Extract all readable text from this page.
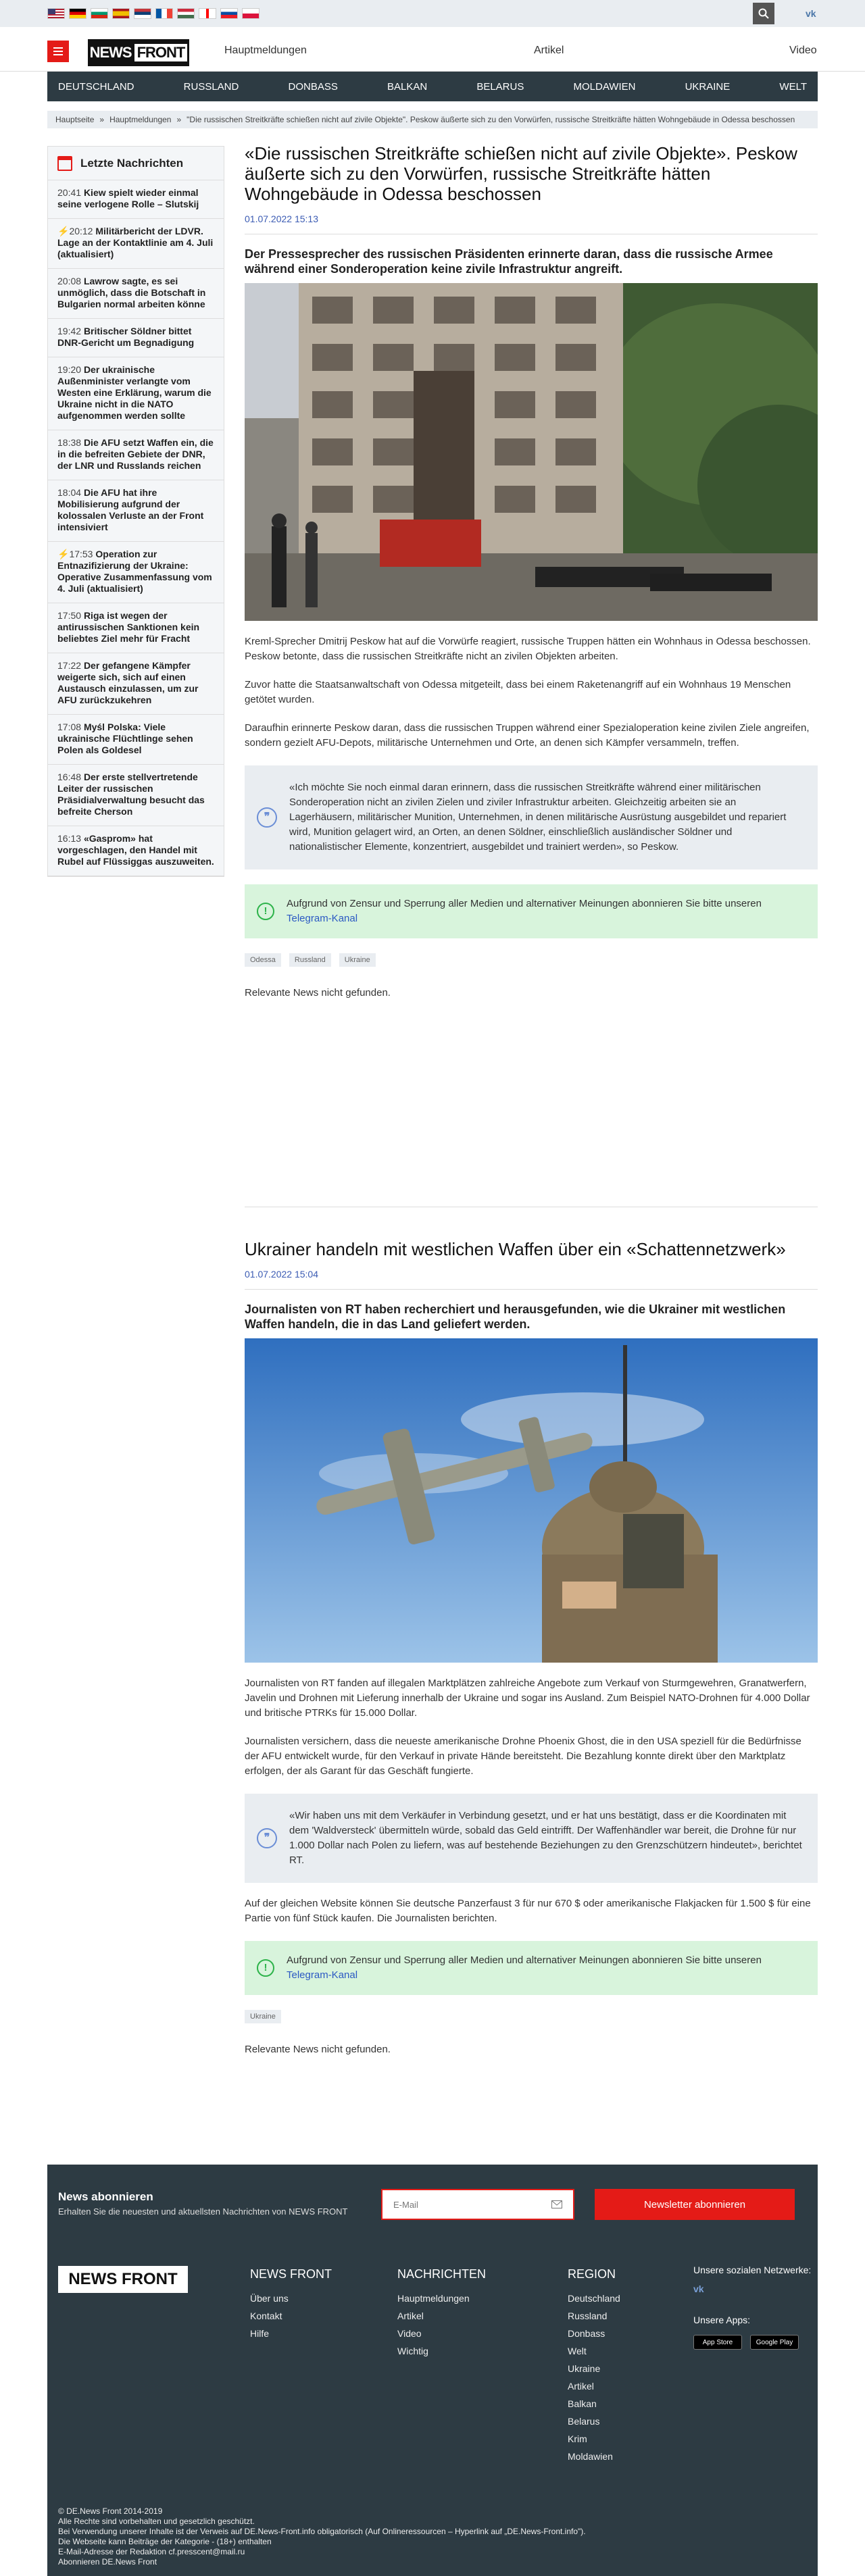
vk
NEWS FRONT	Hauptmeldungen	Artikel	Video
DEUTSCHLAND	RUSSLAND	DONBASS	BALKAN	BELARUS	MOLDAWIEN	UKRAINE	WELT
Hauptseite » Hauptmeldungen » "Die russischen Streitkräfte schießen nicht auf zivile Objekte". Peskow äußerte sich zu den Vorwürfen, russische Streitkräfte hätten Wohngebäude in Odessa beschossen
Letzte Nachrichten
20:41 Kiew spielt wieder einmal seine verlogene Rolle – Slutskij
⚡20:12 Militärbericht der LDVR. Lage an der Kontaktlinie am 4. Juli (aktualisiert)
20:08 Lawrow sagte, es sei unmöglich, dass die Botschaft in Bulgarien normal arbeiten könne
19:42 Britischer Söldner bittet DNR-Gericht um Begnadigung
19:20 Der ukrainische Außenminister verlangte vom Westen eine Erklärung, warum die Ukraine nicht in die NATO aufgenommen werden sollte
18:38 Die AFU setzt Waffen ein, die in die befreiten Gebiete der DNR, der LNR und Russlands reichen
18:04 Die AFU hat ihre Mobilisierung aufgrund der kolossalen Verluste an der Front intensiviert
⚡17:53 Operation zur Entnazifizierung der Ukraine: Operative Zusammenfassung vom 4. Juli (aktualisiert)
17:50 Riga ist wegen der antirussischen Sanktionen kein beliebtes Ziel mehr für Fracht
17:22 Der gefangene Kämpfer weigerte sich, sich auf einen Austausch einzulassen, um zur AFU zurückzukehren
17:08 Myśl Polska: Viele ukrainische Flüchtlinge sehen Polen als Goldesel
16:48 Der erste stellvertretende Leiter der russischen Präsidialverwaltung besucht das befreite Cherson
16:13 «Gasprom» hat vorgeschlagen, den Handel mit Rubel auf Flüssiggas auszuweiten.
«Die russischen Streitkräfte schießen nicht auf zivile Objekte». Peskow äußerte sich zu den Vorwürfen, russische Streitkräfte hätten Wohngebäude in Odessa beschossen
01.07.2022 15:13
Der Pressesprecher des russischen Präsidenten erinnerte daran, dass die russische Armee während einer Sonderoperation keine zivile Infrastruktur angreift.

Kreml-Sprecher Dmitrij Peskow hat auf die Vorwürfe reagiert, russische Truppen hätten ein Wohnhaus in Odessa beschossen. Peskow betonte, dass die russischen Streitkräfte nicht an zivilen Objekten arbeiten.

Zuvor hatte die Staatsanwaltschaft von Odessa mitgeteilt, dass bei einem Raketenangriff auf ein Wohnhaus 19 Menschen getötet wurden.

Daraufhin erinnerte Peskow daran, dass die russischen Truppen während einer Spezialoperation keine zivilen Ziele angreifen, sondern gezielt AFU-Depots, militärische Unternehmen und Orte, an denen sich Kämpfer versammeln, treffen.

❞
«Ich möchte Sie noch einmal daran erinnern, dass die russischen Streitkräfte während einer militärischen Sonderoperation nicht an zivilen Zielen und ziviler Infrastruktur arbeiten. Gleichzeitig arbeiten sie an Lagerhäusern, militärischer Munition, Unternehmen, in denen militärische Ausrüstung ausgebildet und repariert wird, Munition gelagert wird, an Orten, an denen Söldner, einschließlich ausländischer Söldner und nationalistischer Elemente, konzentriert, ausgebildet und trainiert werden», so Peskow.
!
Aufgrund von Zensur und Sperrung aller Medien und alternativer Meinungen abonnieren Sie bitte unseren
Telegram-Kanal
Odessa	Russland	Ukraine
Relevante News nicht gefunden.
Ukrainer handeln mit westlichen Waffen über ein «Schattennetzwerk»
01.07.2022 15:04
Journalisten von RT haben recherchiert und herausgefunden, wie die Ukrainer mit westlichen Waffen handeln, die in das Land geliefert werden.

Journalisten von RT fanden auf illegalen Marktplätzen zahlreiche Angebote zum Verkauf von Sturmgewehren, Granatwerfern, Javelin und Drohnen mit Lieferung innerhalb der Ukraine und sogar ins Ausland. Zum Beispiel NATO-Drohnen für 4.000 Dollar und britische PTRKs für 15.000 Dollar.

Journalisten versichern, dass die neueste amerikanische Drohne Phoenix Ghost, die in den USA speziell für die Bedürfnisse der AFU entwickelt wurde, für den Verkauf in private Hände bereitsteht. Die Bezahlung konnte direkt über den Marktplatz erfolgen, der als Garant für das Geschäft fungierte.

❞
«Wir haben uns mit dem Verkäufer in Verbindung gesetzt, und er hat uns bestätigt, dass er die Koordinaten mit dem 'Waldversteck' übermitteln würde, sobald das Geld eintrifft. Der Waffenhändler war bereit, die Drohne für nur 1.000 Dollar nach Polen zu liefern, was auf bestehende Beziehungen zu den Grenzschützern hindeutet», berichtet RT.

Auf der gleichen Website können Sie deutsche Panzerfaust 3 für nur 670 $ oder amerikanische Flakjacken für 1.500 $ für eine Partie von fünf Stück kaufen. Die Journalisten berichten.

!
Aufgrund von Zensur und Sperrung aller Medien und alternativer Meinungen abonnieren Sie bitte unseren
Telegram-Kanal
Ukraine
Relevante News nicht gefunden.
News abonnieren
Erhalten Sie die neuesten und aktuellsten Nachrichten von NEWS FRONT
E-Mail	Newsletter abonnieren
NEWS FRONT	NEWS FRONT
Über uns
Kontakt
Hilfe
NACHRICHTEN
Hauptmeldungen
Artikel
Video
Wichtig
REGION
Deutschland
Russland
Donbass
Welt
Ukraine
Artikel
Balkan
Belarus
Krim
Moldawien
Unsere sozialen Netzwerke:
vk
Unsere Apps:
App Store	Google Play
© DE.News Front 2014-2019
Alle Rechte sind vorbehalten und gesetzlich geschützt.
Bei Verwendung unserer Inhalte ist der Verweis auf DE.News-Front.info obligatorisch (Auf Onlineressourcen – Hyperlink auf „DE.News-Front.info").
Die Webseite kann Beiträge der Kategorie - (18+) enthalten
E-Mail-Adresse der Redaktion cf.presscent@mail.ru
Abonnieren DE.News Front
